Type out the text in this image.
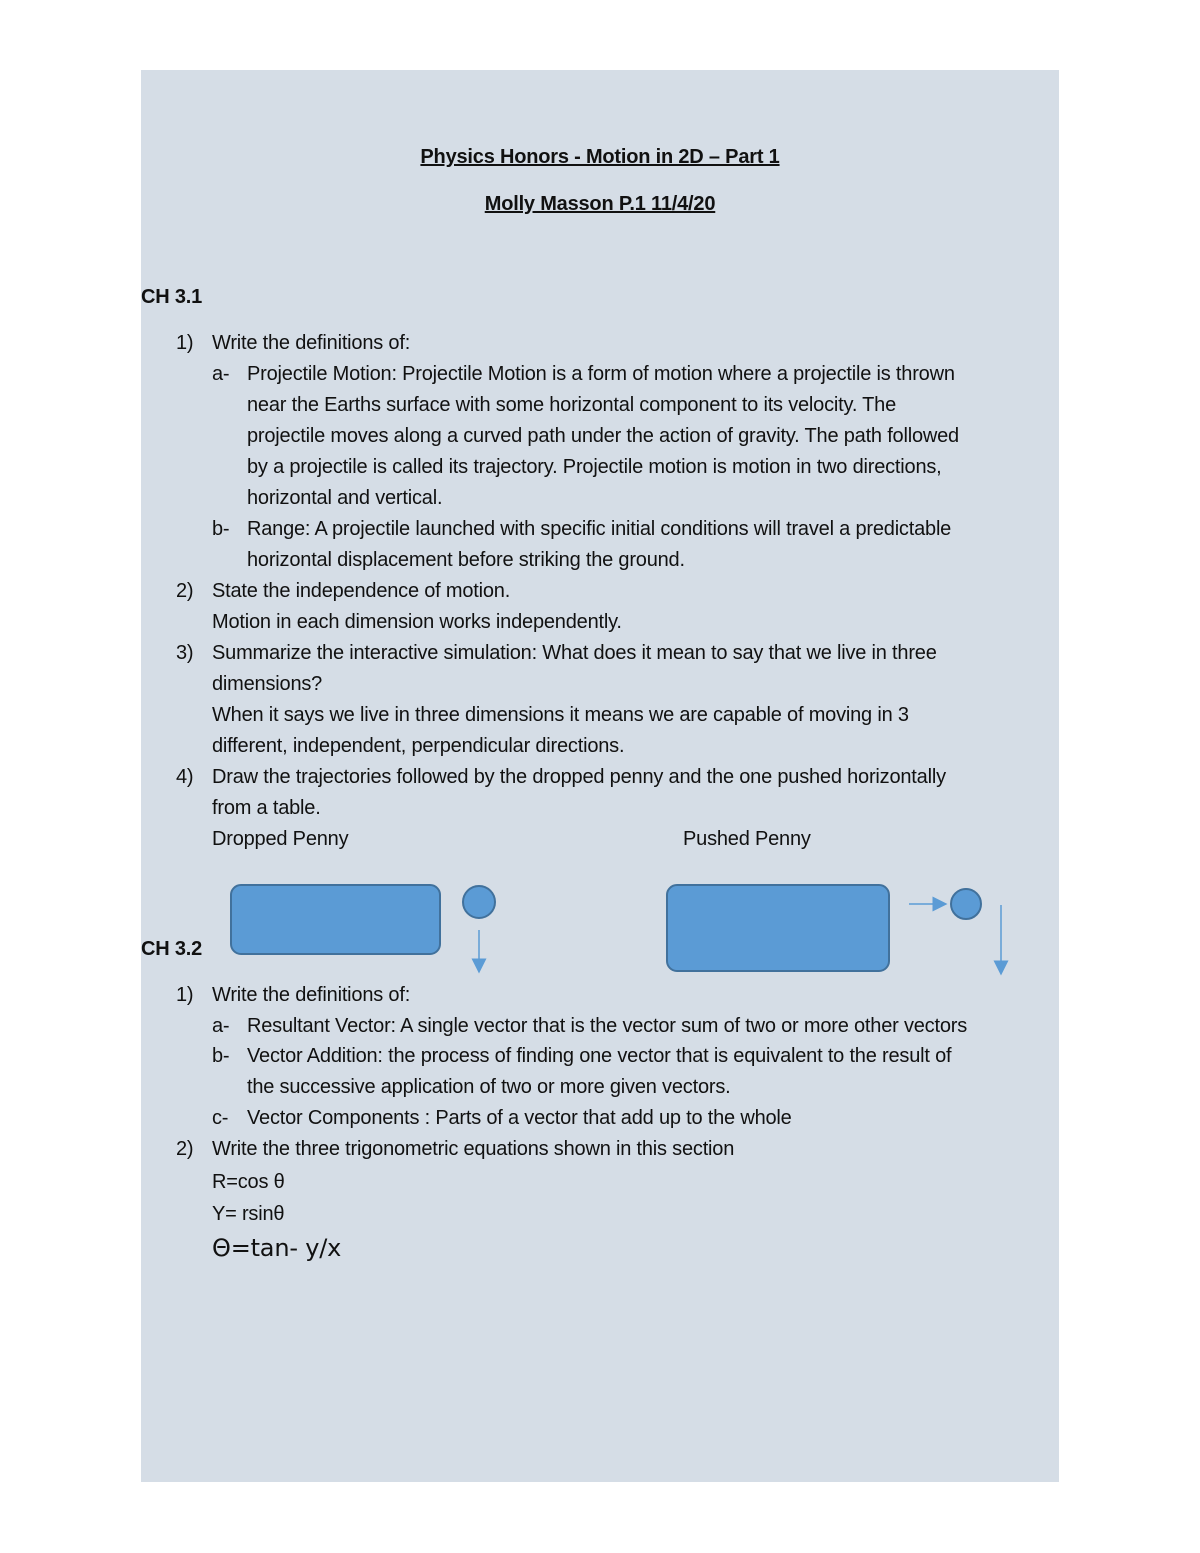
Physics Honors - Motion in 2D – Part 1
Molly Masson P.1 11/4/20
CH 3.1
1) Write the definitions of:
a- Projectile Motion: Projectile Motion is a form of motion where a projectile is thrown
near the Earths surface with some horizontal component to its velocity. The
projectile moves along a curved path under the action of gravity. The path followed
by a projectile is called its trajectory. Projectile motion is motion in two directions,
horizontal and vertical.
b- Range: A projectile launched with specific initial conditions will travel a predictable
horizontal displacement before striking the ground.
2) State the independence of motion.
Motion in each dimension works independently.
3) Summarize the interactive simulation: What does it mean to say that we live in three
dimensions?
When it says we live in three dimensions it means we are capable of moving in 3
different, independent, perpendicular directions.
4) Draw the trajectories followed by the dropped penny and the one pushed horizontally
from a table.
Dropped Penny	Pushed Penny
CH 3.2
1) Write the definitions of:
a- Resultant Vector: A single vector that is the vector sum of two or more other vectors
b- Vector Addition: the process of finding one vector that is equivalent to the result of
the successive application of two or more given vectors.
c- Vector Components : Parts of a vector that add up to the whole
2) Write the three trigonometric equations shown in this section
R=cos θ
Y= rsinθ
Θ=tan- y/x
